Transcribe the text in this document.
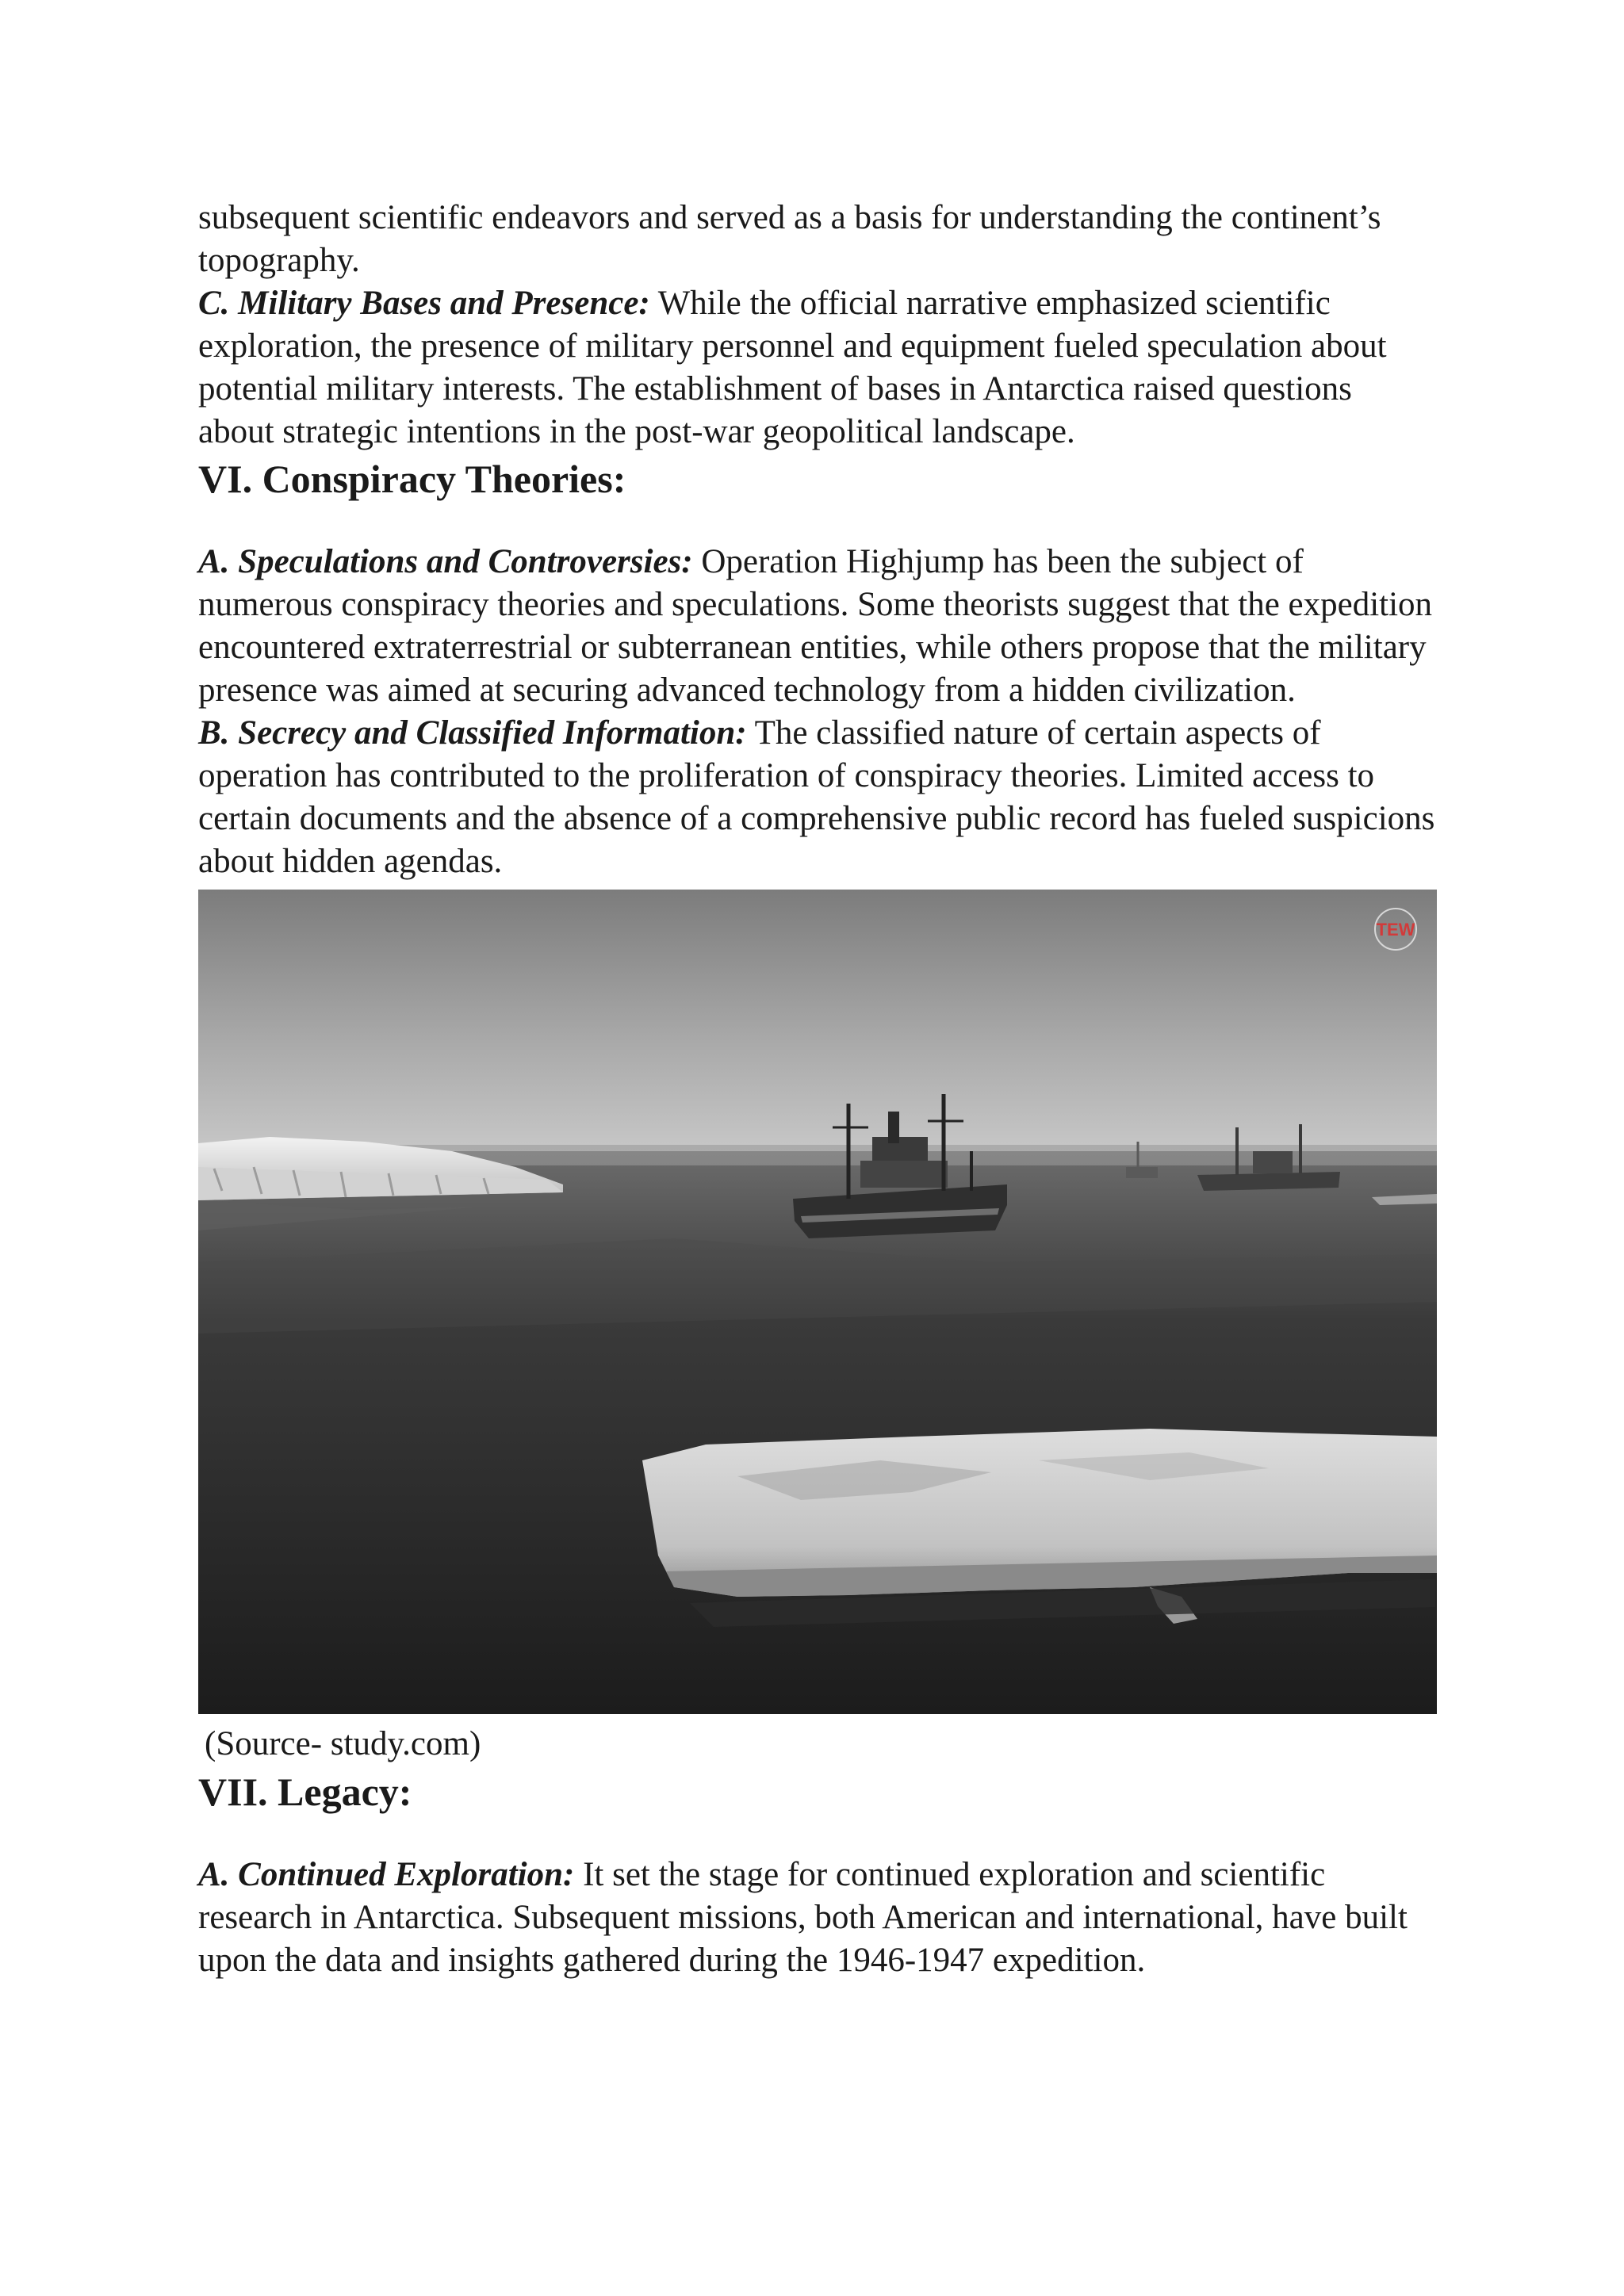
subsequent scientific endeavors and served as a basis for understanding the continent’s topography.

C. Military Bases and Presence: While the official narrative emphasized scientific exploration, the presence of military personnel and equipment fueled speculation about potential military interests. The establishment of bases in Antarctica raised questions about strategic intentions in the post-war geopolitical landscape.

VI. Conspiracy Theories:

A. Speculations and Controversies: Operation Highjump has been the subject of numerous conspiracy theories and speculations. Some theorists suggest that the expedition encountered extraterrestrial or subterranean entities, while others propose that the military presence was aimed at securing advanced technology from a hidden civilization.

B. Secrecy and Classified Information: The classified nature of certain aspects of operation has contributed to the proliferation of conspiracy theories. Limited access to certain documents and the absence of a comprehensive public record has fueled suspicions about hidden agendas.

TEW

(Source- study.com)

VII. Legacy:

A. Continued Exploration: It set the stage for continued exploration and scientific research in Antarctica. Subsequent missions, both American and international, have built upon the data and insights gathered during the 1946-1947 expedition.
